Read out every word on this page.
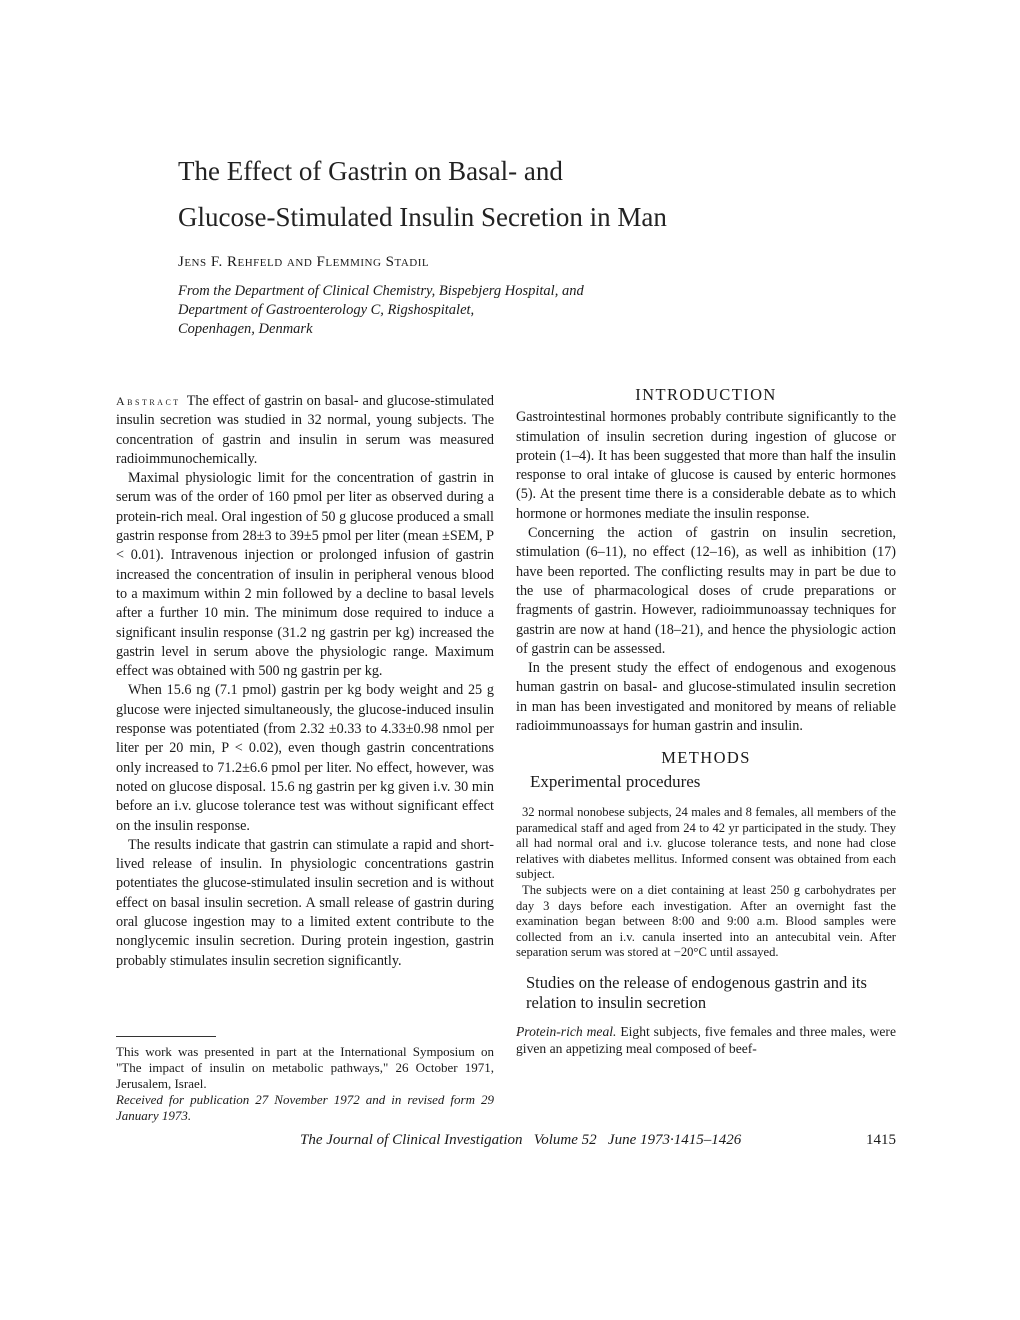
The Effect of Gastrin on Basal- and
Glucose-Stimulated Insulin Secretion in Man
Jens F. Rehfeld and Flemming Stadil
From the Department of Clinical Chemistry, Bispebjerg Hospital, and
Department of Gastroenterology C, Rigshospitalet,
Copenhagen, Denmark

Abstract The effect of gastrin on basal- and glucose-stimulated insulin secretion was studied in 32 normal, young subjects. The concentration of gastrin and insulin in serum was measured radioimmunochemically.

Maximal physiologic limit for the concentration of gastrin in serum was of the order of 160 pmol per liter as observed during a protein-rich meal. Oral ingestion of 50 g glucose produced a small gastrin response from 28±3 to 39±5 pmol per liter (mean ±SEM, P < 0.01). Intravenous injection or prolonged infusion of gastrin increased the concentration of insulin in peripheral venous blood to a maximum within 2 min followed by a decline to basal levels after a further 10 min. The minimum dose required to induce a significant insulin response (31.2 ng gastrin per kg) increased the gastrin level in serum above the physiologic range. Maximum effect was obtained with 500 ng gastrin per kg.

When 15.6 ng (7.1 pmol) gastrin per kg body weight and 25 g glucose were injected simultaneously, the glucose-induced insulin response was potentiated (from 2.32 ±0.33 to 4.33±0.98 nmol per liter per 20 min, P < 0.02), even though gastrin concentrations only increased to 71.2±6.6 pmol per liter. No effect, however, was noted on glucose disposal. 15.6 ng gastrin per kg given i.v. 30 min before an i.v. glucose tolerance test was without significant effect on the insulin response.

The results indicate that gastrin can stimulate a rapid and short-lived release of insulin. In physiologic concentrations gastrin potentiates the glucose-stimulated insulin secretion and is without effect on basal insulin secretion. A small release of gastrin during oral glucose ingestion may to a limited extent contribute to the nonglycemic insulin secretion. During protein ingestion, gastrin probably stimulates insulin secretion significantly.

This work was presented in part at the International Symposium on "The impact of insulin on metabolic pathways," 26 October 1971, Jerusalem, Israel.

Received for publication 27 November 1972 and in revised form 29 January 1973.

INTRODUCTION

Gastrointestinal hormones probably contribute significantly to the stimulation of insulin secretion during ingestion of glucose or protein (1–4). It has been suggested that more than half the insulin response to oral intake of glucose is caused by enteric hormones (5). At the present time there is a considerable debate as to which hormone or hormones mediate the insulin response.

Concerning the action of gastrin on insulin secretion, stimulation (6–11), no effect (12–16), as well as inhibition (17) have been reported. The conflicting results may in part be due to the use of pharmacological doses of crude preparations or fragments of gastrin. However, radioimmunoassay techniques for gastrin are now at hand (18–21), and hence the physiologic action of gastrin can be assessed.

In the present study the effect of endogenous and exogenous human gastrin on basal- and glucose-stimulated insulin secretion in man has been investigated and monitored by means of reliable radioimmunoassays for human gastrin and insulin.

METHODS
Experimental procedures

32 normal nonobese subjects, 24 males and 8 females, all members of the paramedical staff and aged from 24 to 42 yr participated in the study. They all had normal oral and i.v. glucose tolerance tests, and none had close relatives with diabetes mellitus. Informed consent was obtained from each subject.

The subjects were on a diet containing at least 250 g carbohydrates per day 3 days before each investigation. After an overnight fast the examination began between 8:00 and 9:00 a.m. Blood samples were collected from an i.v. canula inserted into an antecubital vein. After separation serum was stored at −20°C until assayed.

Studies on the release of endogenous gastrin and its relation to insulin secretion

Protein-rich meal. Eight subjects, five females and three males, were given an appetizing meal composed of beef-

The Journal of Clinical Investigation Volume 52 June 1973·1415–1426	1415
